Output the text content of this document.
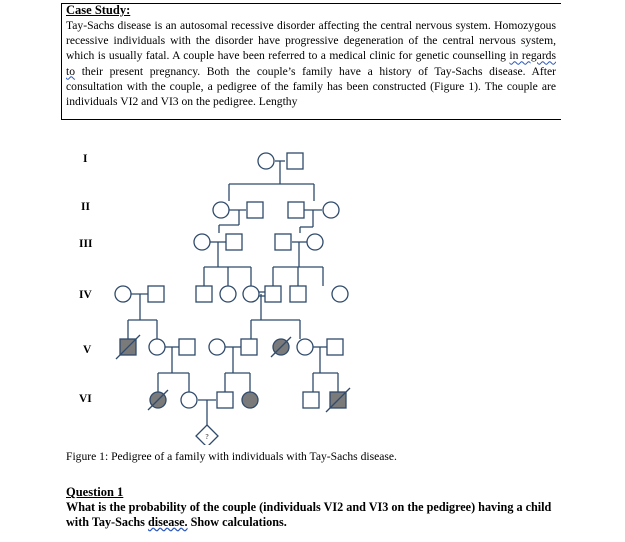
Case Study:

Tay-Sachs disease is an autosomal recessive disorder affecting the central nervous system. Homozygous recessive individuals with the disorder have progressive degeneration of the central nervous system, which is usually fatal. A couple have been referred to a medical clinic for genetic counselling in regards to their present pregnancy. Both the couple’s family have a history of Tay-Sachs disease. After consultation with the couple, a pedigree of the family has been constructed (Figure 1). The couple are individuals VI2 and VI3 on the pedigree. Lengthy

?
I
II
III
IV
V
VI
Figure 1: Pedigree of a family with individuals with Tay-Sachs disease.
Question 1

What is the probability of the couple (individuals VI2 and VI3 on the pedigree) having a child with Tay-Sachs disease. Show calculations.
